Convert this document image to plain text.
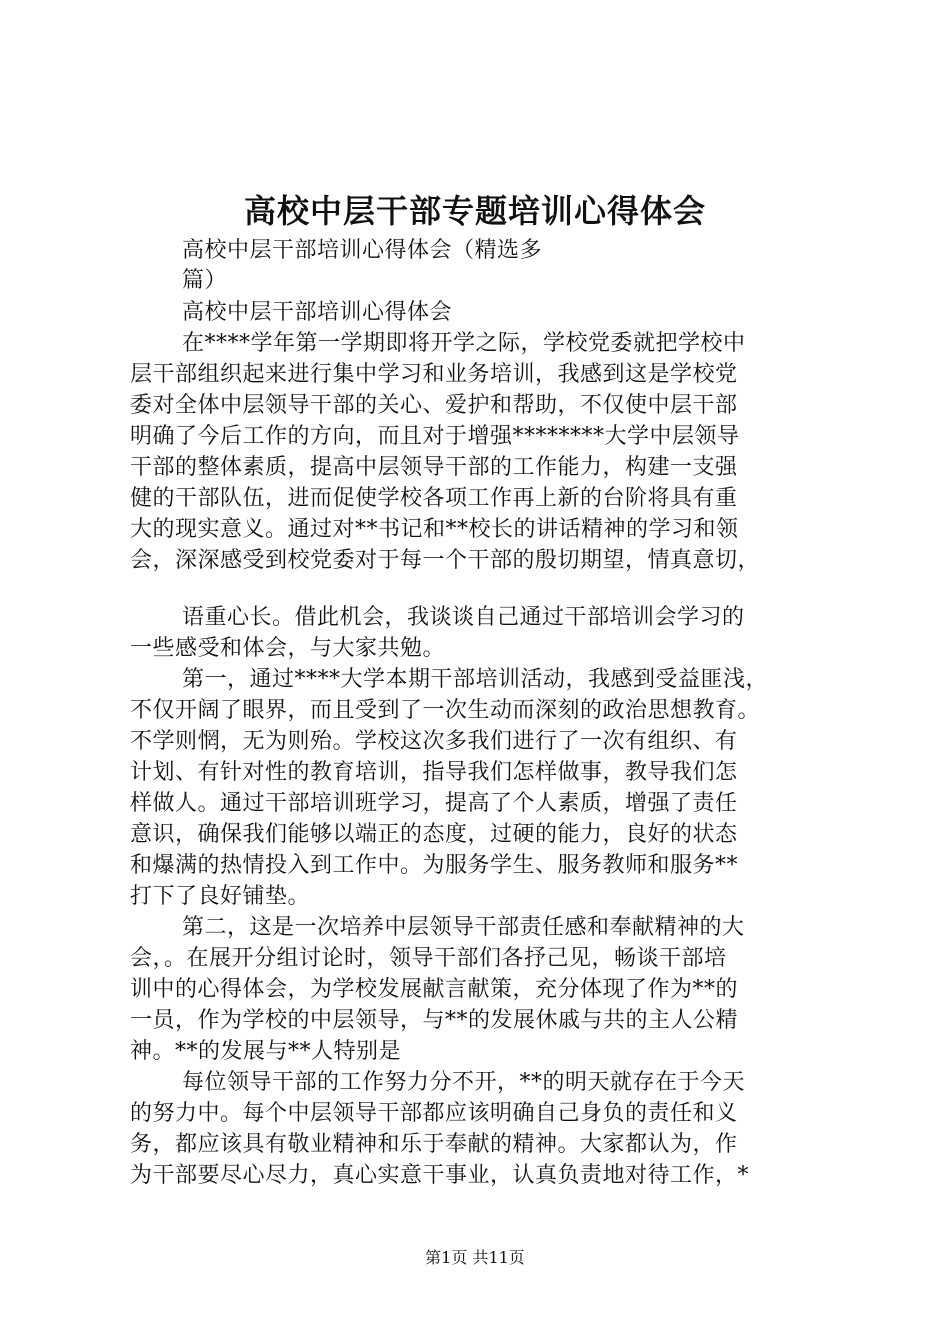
高校中层干部专题培训心得体会
高校中层干部培训心得体会（精选多
篇）
高校中层干部培训心得体会
在****学年第一学期即将开学之际，学校党委就把学校中
层干部组织起来进行集中学习和业务培训，我感到这是学校党
委对全体中层领导干部的关心、爱护和帮助，不仅使中层干部
明确了今后工作的方向，而且对于增强********大学中层领导
干部的整体素质，提高中层领导干部的工作能力，构建一支强
健的干部队伍，进而促使学校各项工作再上新的台阶将具有重
大的现实意义。通过对**书记和**校长的讲话精神的学习和领
会，深深感受到校党委对于每一个干部的殷切期望，情真意切，
语重心长。借此机会，我谈谈自己通过干部培训会学习的
一些感受和体会，与大家共勉。
第一，通过****大学本期干部培训活动，我感到受益匪浅，
不仅开阔了眼界，而且受到了一次生动而深刻的政治思想教育。
不学则惘，无为则殆。学校这次多我们进行了一次有组织、有
计划、有针对性的教育培训，指导我们怎样做事，教导我们怎
样做人。通过干部培训班学习，提高了个人素质，增强了责任
意识，确保我们能够以端正的态度，过硬的能力，良好的状态
和爆满的热情投入到工作中。为服务学生、服务教师和服务**
打下了良好铺垫。
第二，这是一次培养中层领导干部责任感和奉献精神的大
会，。在展开分组讨论时，领导干部们各抒己见，畅谈干部培
训中的心得体会，为学校发展献言献策，充分体现了作为**的
一员，作为学校的中层领导，与**的发展休戚与共的主人公精
神。**的发展与**人特别是
每位领导干部的工作努力分不开，**的明天就存在于今天
的努力中。每个中层领导干部都应该明确自己身负的责任和义
务，都应该具有敬业精神和乐于奉献的精神。大家都认为，作
为干部要尽心尽力，真心实意干事业，认真负责地对待工作，*
第1页 共11页
